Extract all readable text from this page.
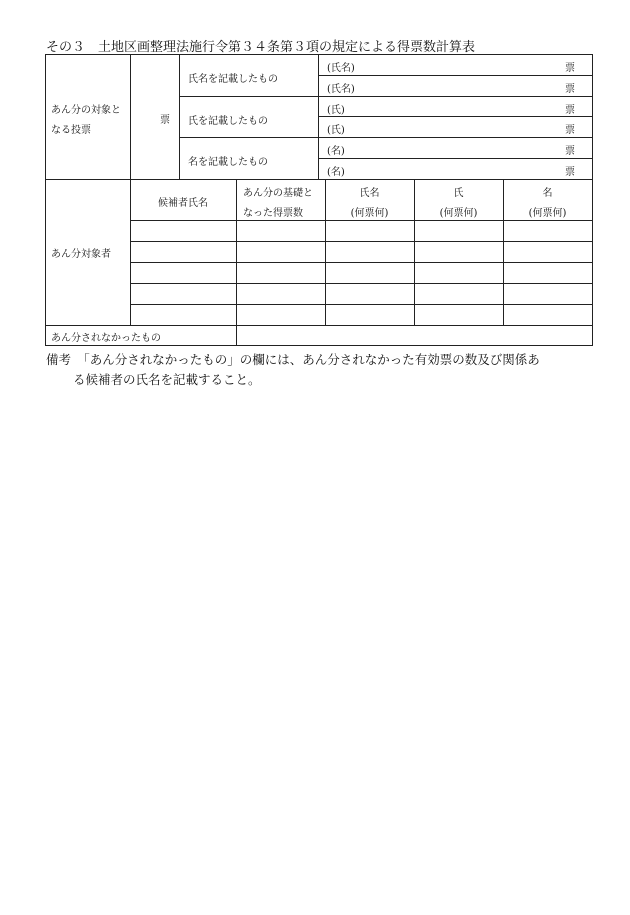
その３　土地区画整理法施行令第３４条第３項の規定による得票数計算表
あん分の対象と
なる投票
票
氏名を記載したもの
氏を記載したもの
名を記載したもの
(氏名)
(氏名)
(氏)
(氏)
(名)
(名)
票
票
票
票
票
票
あん分対象者
候補者氏名
あん分の基礎と
なった得票数
氏名
(何票何)
氏
(何票何)
名
(何票何)
あん分されなかったもの
備考　「あん分されなかったもの」の欄には、あん分されなかった有効票の数及び関係あ
る候補者の氏名を記載すること。
